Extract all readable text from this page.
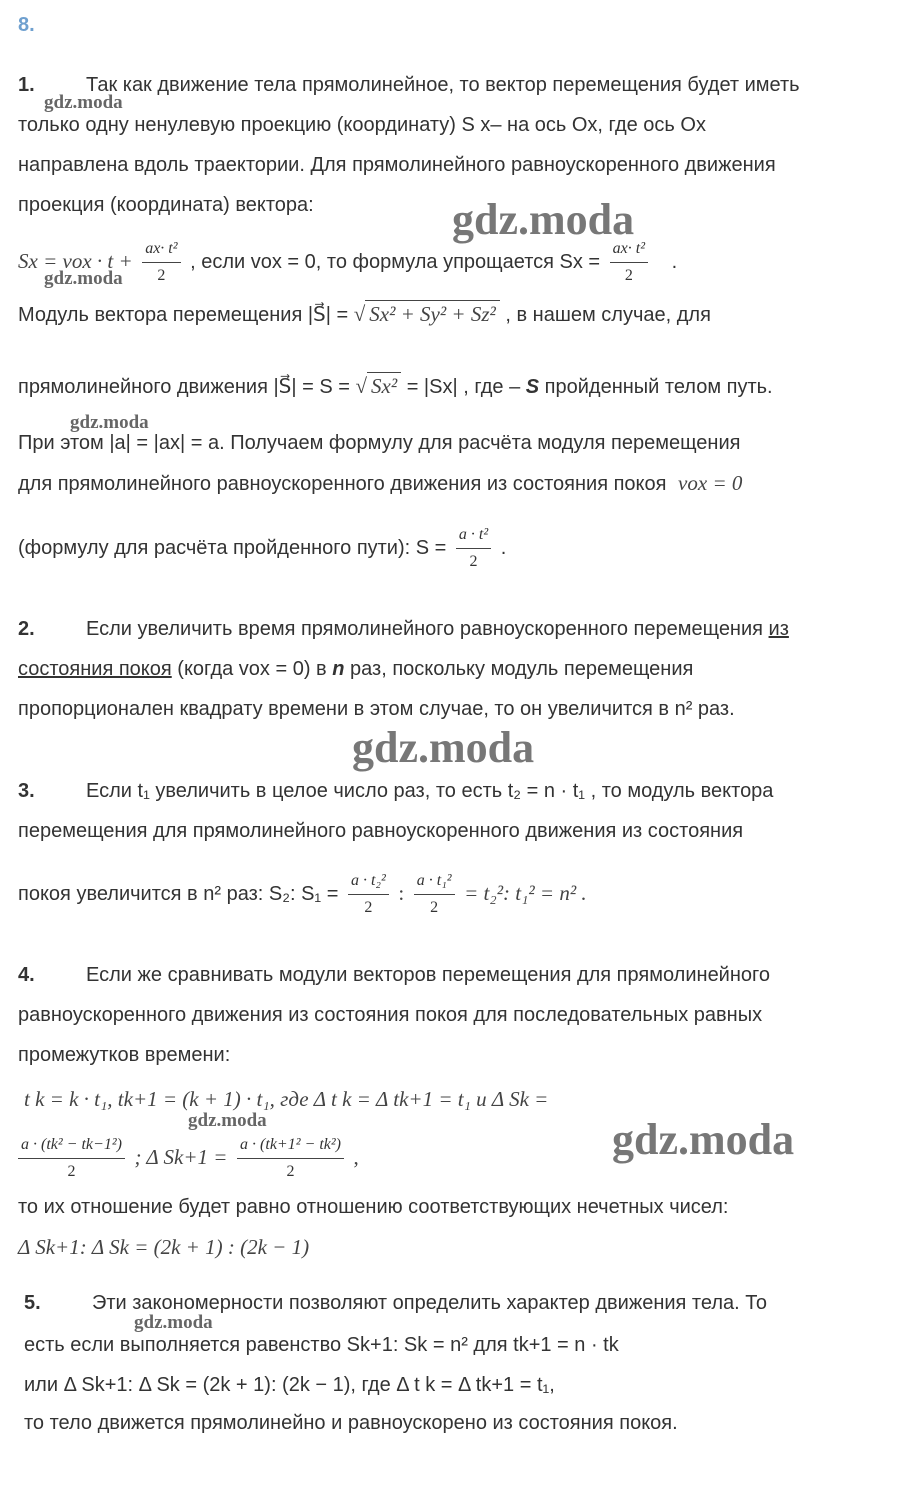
8.
1.	Так как движение тела прямолинейное, то вектор перемещения будет иметь
только одну ненулевую проекцию (координату) S x– на ось Ox, где ось Ox
направлена вдоль траектории. Для прямолинейного равноускоренного движения
проекция (координата) вектора:
Sx = vox · $t + \frac{\text{ax· t²}}{2}$ , если vox = 0, то формула упрощается $Sx = \frac{\text{ax· t²}}{2}$ .
Модуль вектора перемещения |S⃗| = √ Sx² + Sy² + Sz² , в нашем случае, для
прямолинейного движения |S⃗| = S = √ Sx² = |Sx| , где – S пройденный телом путь.
При этом |a| = |ax| = a. Получаем формулу для расчёта модуля перемещения
для прямолинейного равноускоренного движения из состояния покоя vox = 0
(формулу для расчёта пройденного пути): $S = \frac{\text{a · t²}}{2}$ .
2.	Если увеличить время прямолинейного равноускоренного перемещения из
состояния покоя (когда vox = 0) в n раз, поскольку модуль перемещения
пропорционален квадрату времени в этом случае, то он увеличится в n² раз.
3.	Если t₁ увеличить в целое число раз, то есть t₂ = n · t₁ , то модуль вектора
перемещения для прямолинейного равноускоренного движения из состояния
покоя увеличится в n² раз: S₂: $S_1 = \frac{\text{a · t₂²}}{2}$ : $\frac{\text{a · t₁²}}{2} = t_2^2$: t₁² = n² .
4.	Если же сравнивать модули векторов перемещения для прямолинейного
равноускоренного движения из состояния покоя для последовательных равных
промежутков времени:
t k = k · t₁, tk+1 = (k + 1) · t₁, где Δ t k = Δ tk+1 = t₁ и Δ Sk =
$\frac{\text{a · (tk² − tk−1²)}}{2}$ ; Δ $Sk+1 = \frac{\text{a · (tk+1² − tk²)}}{2}$ ,
то их отношение будет равно отношению соответствующих нечетных чисел:
Δ Sk+1: Δ Sk = (2k + 1) : (2k − 1)
5.	Эти закономерности позволяют определить характер движения тела. То
есть если выполняется равенство Sk+1: Sk = n² для tk+1 = n · tk
или Δ Sk+1: Δ Sk = (2k + 1): (2k − 1), где Δ t k = Δ tk+1 = t₁,
то тело движется прямолинейно и равноускорено из состояния покоя.
gdz.moda
gdz.moda
gdz.moda
gdz.moda
gdz.moda
gdz.moda	gdz.moda
gdz.moda
